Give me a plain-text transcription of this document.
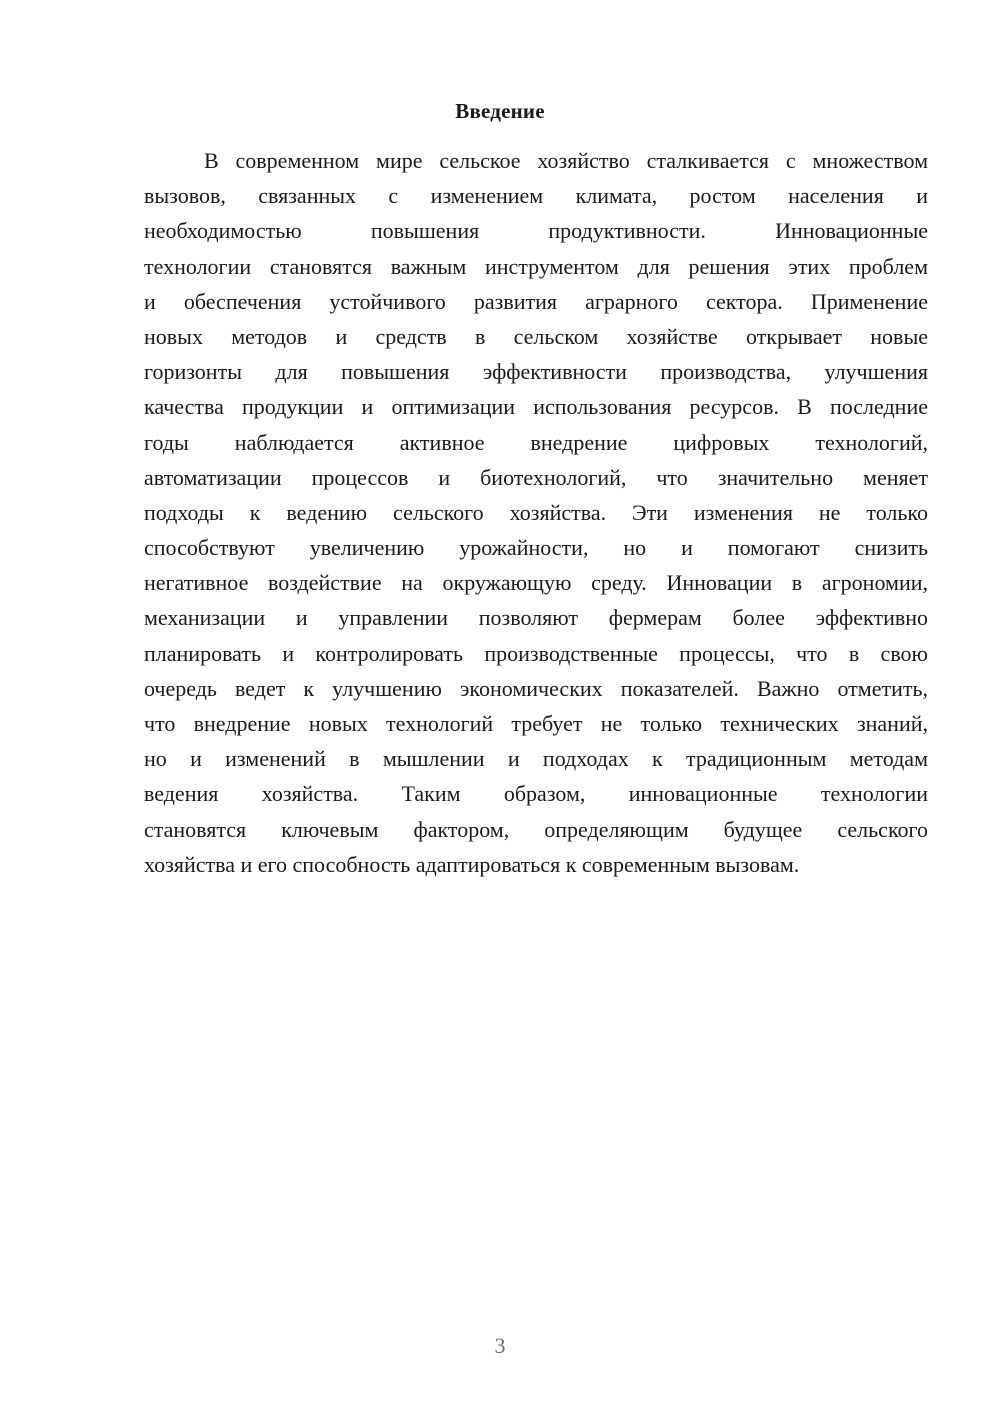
Введение
В современном мире сельское хозяйство сталкивается с множеством
вызовов, связанных с изменением климата, ростом населения и
необходимостью повышения продуктивности. Инновационные
технологии становятся важным инструментом для решения этих проблем
и обеспечения устойчивого развития аграрного сектора. Применение
новых методов и средств в сельском хозяйстве открывает новые
горизонты для повышения эффективности производства, улучшения
качества продукции и оптимизации использования ресурсов. В последние
годы наблюдается активное внедрение цифровых технологий,
автоматизации процессов и биотехнологий, что значительно меняет
подходы к ведению сельского хозяйства. Эти изменения не только
способствуют увеличению урожайности, но и помогают снизить
негативное воздействие на окружающую среду. Инновации в агрономии,
механизации и управлении позволяют фермерам более эффективно
планировать и контролировать производственные процессы, что в свою
очередь ведет к улучшению экономических показателей. Важно отметить,
что внедрение новых технологий требует не только технических знаний,
но и изменений в мышлении и подходах к традиционным методам
ведения хозяйства. Таким образом, инновационные технологии
становятся ключевым фактором, определяющим будущее сельского
хозяйства и его способность адаптироваться к современным вызовам.
3
